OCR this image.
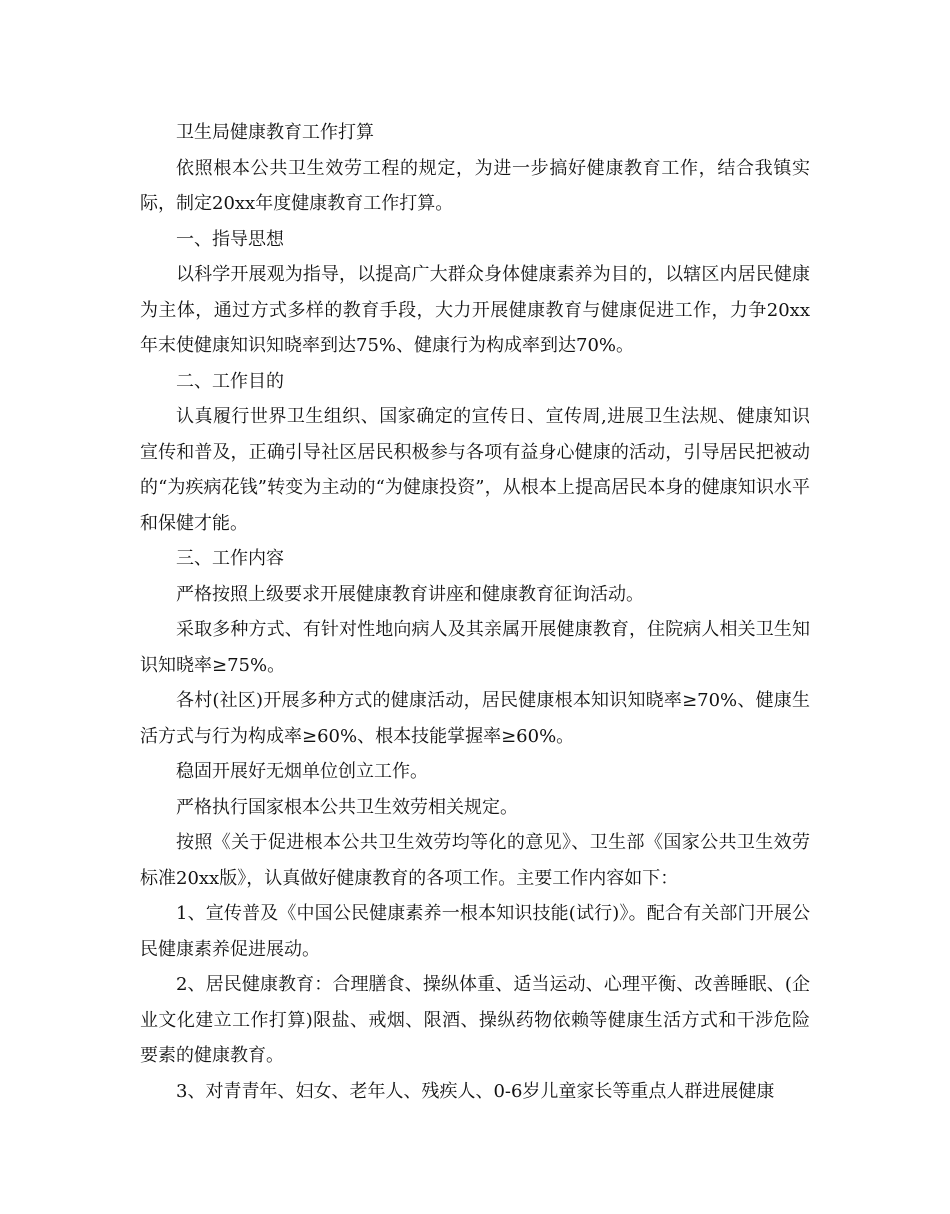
卫生局健康教育工作打算

依照根本公共卫生效劳工程的规定，为进一步搞好健康教育工作，结合我镇实际，制定20xx年度健康教育工作打算。

一、指导思想

以科学开展观为指导，以提高广大群众身体健康素养为目的，以辖区内居民健康为主体，通过方式多样的教育手段，大力开展健康教育与健康促进工作，力争20xx年末使健康知识知晓率到达75%、健康行为构成率到达70%。

二、工作目的

认真履行世界卫生组织、国家确定的宣传日、宣传周,进展卫生法规、健康知识宣传和普及，正确引导社区居民积极参与各项有益身心健康的活动，引导居民把被动的“为疾病花钱”转变为主动的“为健康投资”，从根本上提高居民本身的健康知识水平和保健才能。

三、工作内容

严格按照上级要求开展健康教育讲座和健康教育征询活动。

采取多种方式、有针对性地向病人及其亲属开展健康教育，住院病人相关卫生知识知晓率≥75%。

各村(社区)开展多种方式的健康活动，居民健康根本知识知晓率≥70%、健康生活方式与行为构成率≥60%、根本技能掌握率≥60%。

稳固开展好无烟单位创立工作。

严格执行国家根本公共卫生效劳相关规定。

按照《关于促进根本公共卫生效劳均等化的意见》、卫生部《国家公共卫生效劳标准20xx版》，认真做好健康教育的各项工作。主要工作内容如下：

1、宣传普及《中国公民健康素养一根本知识技能(试行)》。配合有关部门开展公民健康素养促进展动。

2、居民健康教育：合理膳食、操纵体重、适当运动、心理平衡、改善睡眠、(企业文化建立工作打算)限盐、戒烟、限酒、操纵药物依赖等健康生活方式和干涉危险要素的健康教育。

3、对青青年、妇女、老年人、残疾人、0-6岁儿童家长等重点人群进展健康
